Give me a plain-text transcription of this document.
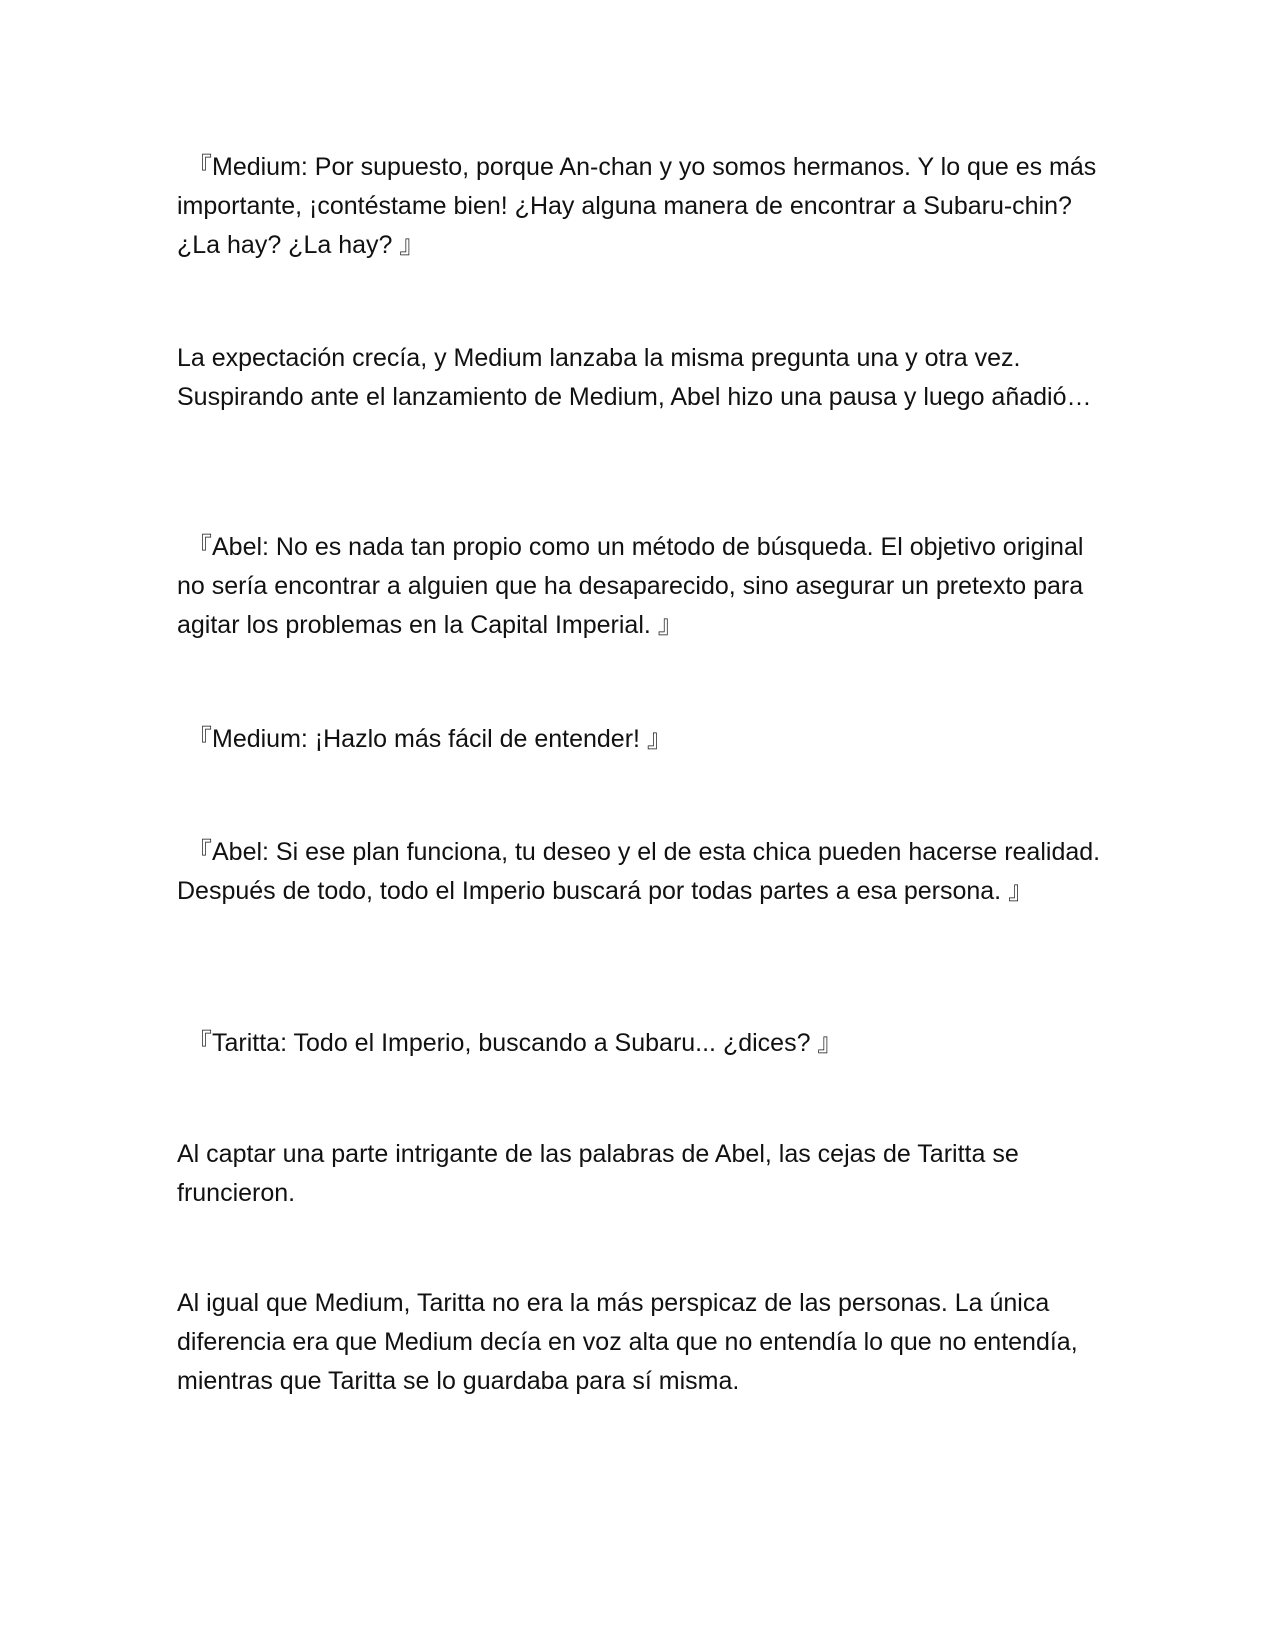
『Medium: Por supuesto, porque An-chan y yo somos hermanos. Y lo que es más importante, ¡contéstame bien! ¿Hay alguna manera de encontrar a Subaru-chin? ¿La hay? ¿La hay? 』

La expectación crecía, y Medium lanzaba la misma pregunta una y otra vez. Suspirando ante el lanzamiento de Medium, Abel hizo una pausa y luego añadió…

『Abel: No es nada tan propio como un método de búsqueda. El objetivo original no sería encontrar a alguien que ha desaparecido, sino asegurar un pretexto para agitar los problemas en la Capital Imperial. 』

『Medium: ¡Hazlo más fácil de entender! 』

『Abel: Si ese plan funciona, tu deseo y el de esta chica pueden hacerse realidad. Después de todo, todo el Imperio buscará por todas partes a esa persona. 』

『Taritta: Todo el Imperio, buscando a Subaru... ¿dices? 』

Al captar una parte intrigante de las palabras de Abel, las cejas de Taritta se fruncieron.

Al igual que Medium, Taritta no era la más perspicaz de las personas. La única diferencia era que Medium decía en voz alta que no entendía lo que no entendía, mientras que Taritta se lo guardaba para sí misma.
